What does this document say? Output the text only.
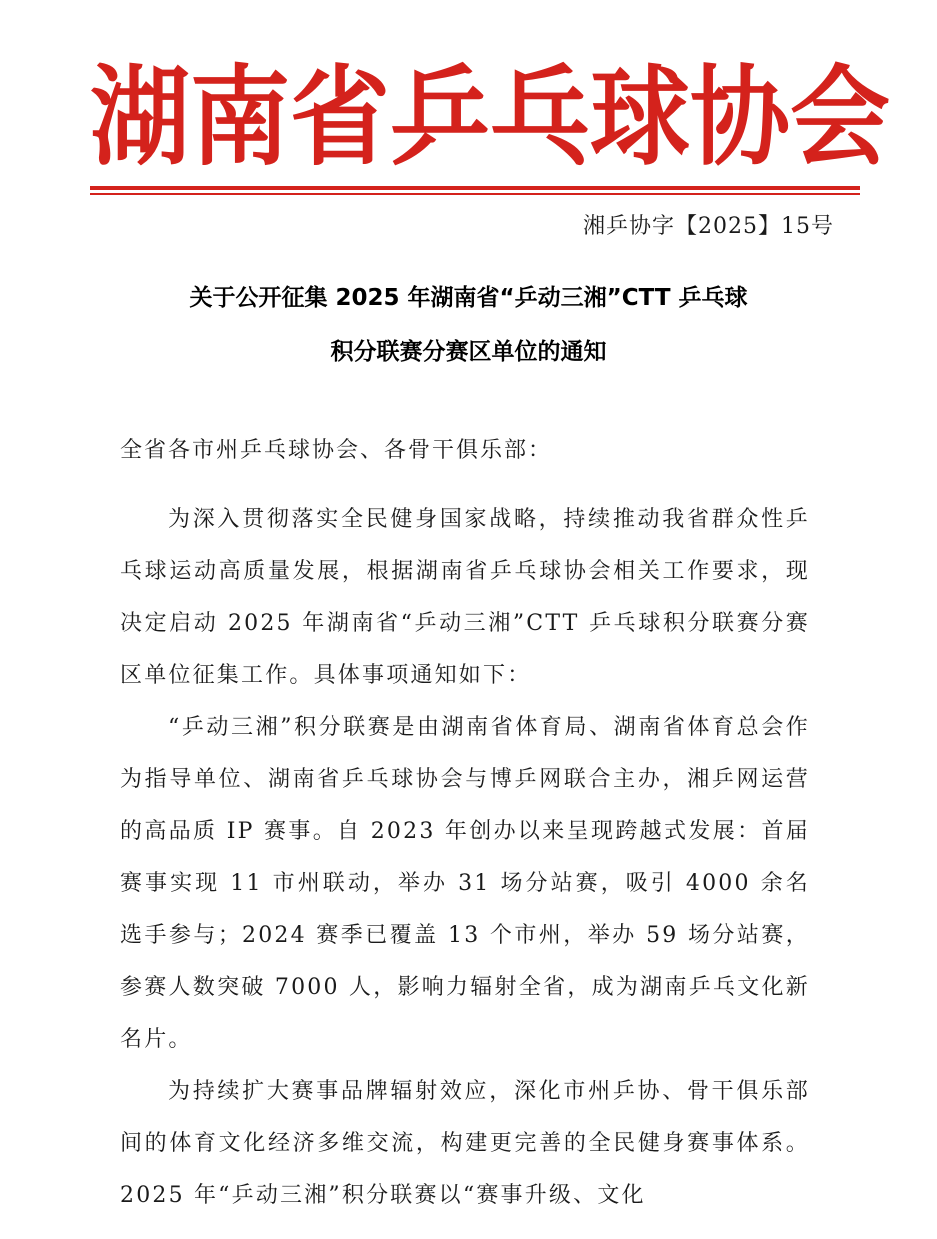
湖 南 省 乒 乓 球 协 会
湘乒协字【2025】15号
关于公开征集 2025 年湖南省“乒动三湘”CTT 乒乓球
积分联赛分赛区单位的通知
全省各市州乒乓球协会、各骨干俱乐部：

为深入贯彻落实全民健身国家战略，持续推动我省群众性乒乓球运动高质量发展，根据湖南省乒乓球协会相关工作要求，现决定启动 2025 年湖南省“乒动三湘”CTT 乒乓球积分联赛分赛区单位征集工作。具体事项通知如下：

“乒动三湘”积分联赛是由湖南省体育局、湖南省体育总会作为指导单位、湖南省乒乓球协会与博乒网联合主办，湘乒网运营的高品质 IP 赛事。自 2023 年创办以来呈现跨越式发展：首届赛事实现 11 市州联动，举办 31 场分站赛，吸引 4000 余名选手参与；2024 赛季已覆盖 13 个市州，举办 59 场分站赛，参赛人数突破 7000 人，影响力辐射全省，成为湖南乒乓文化新名片。

为持续扩大赛事品牌辐射效应，深化市州乒协、骨干俱乐部间的体育文化经济多维交流，构建更完善的全民健身赛事体系。2025 年“乒动三湘”积分联赛以“赛事升级、文化
